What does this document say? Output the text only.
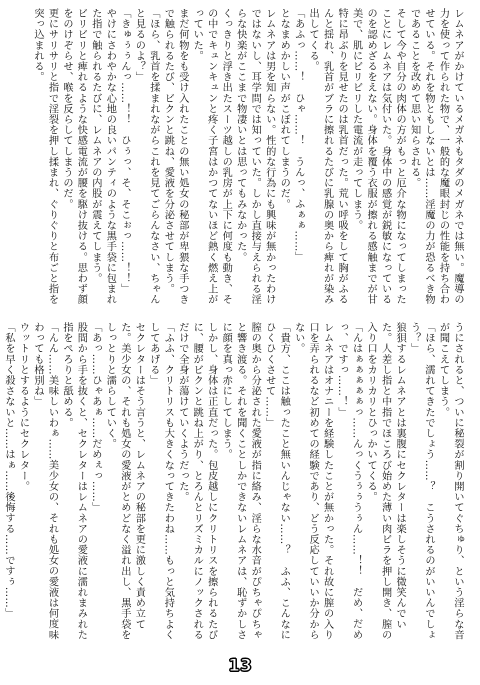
レムネアがかけているメガネもタダのメガネでは無い。魔導の力を使って作られた物で、一般的な魔眼封じの性能を持ち合わせている。それを物ともしないとは……淫魔の力が恐るべき物であることを改めて思い知らされる。

そして今や自分の肉体の方がもっと厄介な物になってしまったことにレムネアは気付いた。身体中の感覚が鋭敏になっているのを認めざるをえない。身体を覆う衣服が擦れる感触までが甘美で、肌にビリビリした電流が走ってしまう。

特に昂ぶりを見せたのは乳首だった。荒い呼吸をして胸がふるんと揺れ、乳首がブラに擦れるたびに乳腺の奥から痺れが染み出してくる。

「あふっ……！　ひゃ……！　うんっ、ふぁぁ……」

となまめかしい声がこぼれてしまうのだ。

レムネアは男を知らない。性的な行為にも興味が無かったわけではないし、耳学問では知っていた。しかし直接与えられる淫らな快楽がここまで物凄いとは思ってもみなかった。

くっきりと浮き出たスーツ越しの乳房が上下に何度も動き、その中でキュンキュンと疼く子宮はかつてないほど熱く燃え上がっていた。

まだ何物をも受け入れたことの無い処女の秘部が卑猥な手つきで触られるたび、ビクンと跳ね、愛液を分泌させてしまう。

「ほら、乳首を揉まれながらこれを見てごらんなさい、ちゃんと見るのよ？」

「きゅぅぅんっ……！！　ひぅっ、そ、そこぉっ……！！」

やけにさわやかな心地の良いパンティのような黒手袋に包まれた指で触られるたびに、レムネアの内股が震えてしまう。

ビリビリと痺れるような快感電流が腰を駆け抜ける。思わず顔をのけぞらせ、喉を反らしてしまうのだ。

更にサリサリと指で淫裂を押し揉まれ、ぐりぐりと布ごと指を突っ込まれる。

うにされると、ついに秘裂が割り開いてぐちゅり、という淫らな音が聞こえてしまう。

「ほら、濡れてきたでしょう……？　こうされるのがいいんでしょう？」

狼狽するレムネアとは裏腹にセクレターは楽しそうに微笑んでいた。人差し指と中指でほころび始めた薄い肉ビラを押し開き、膣の入り口をカリカリとひっかいてくる。

「んはぁぁぁぁぁっ……んっくうぅぅうぅん……！！　だめ、だめっ、ですっ……！」

レムネアはオナニーを経験したことが無かった。それ故に膣の入り口を弄られるなど初めての経験であり、どう反応していいか分からない。

「貴方、ここは触ったこと無いんじゃない……？　ふふ、こんなにひくひくさせて……」

膣の奥から分泌された愛液が指に絡み、淫らな水音がぴちゃぴちゃと響き渡る。それを聞くことしかできないレムネアは、恥ずかしさに顔を真っ赤にしてしまう。

しかし、身体は正直だった。包皮越しにクリトリスを擦られるたびに、腰がビクンと跳ね上がり、とろんとリズミカルにノックされるだけで全身が蕩けていくようだった。

「ふふ、クリトリスも大きくなってきたわね……もっと気持ちよくしてあげる」

セクレターはそう言うと、レムネアの秘部を更に激しく責め立てた。美少女の、それも処女の愛液がとめどなく溢れ出し、黒手袋をしっとりと濡らしていく。

「あっ……ひゃあぁ……だめぇっ……」

股間から手を抜くと、セクレターはレムネアの愛液に濡れまみれた指をぺろりと舐める。

「んん……美味しいわぁ……美少女の、それも処女の愛液は何度味わっても格別ね」

ウットリとするようにセクレター。

「私を早く殺さないと……はぁ……後悔する……ですぅ……」

13
